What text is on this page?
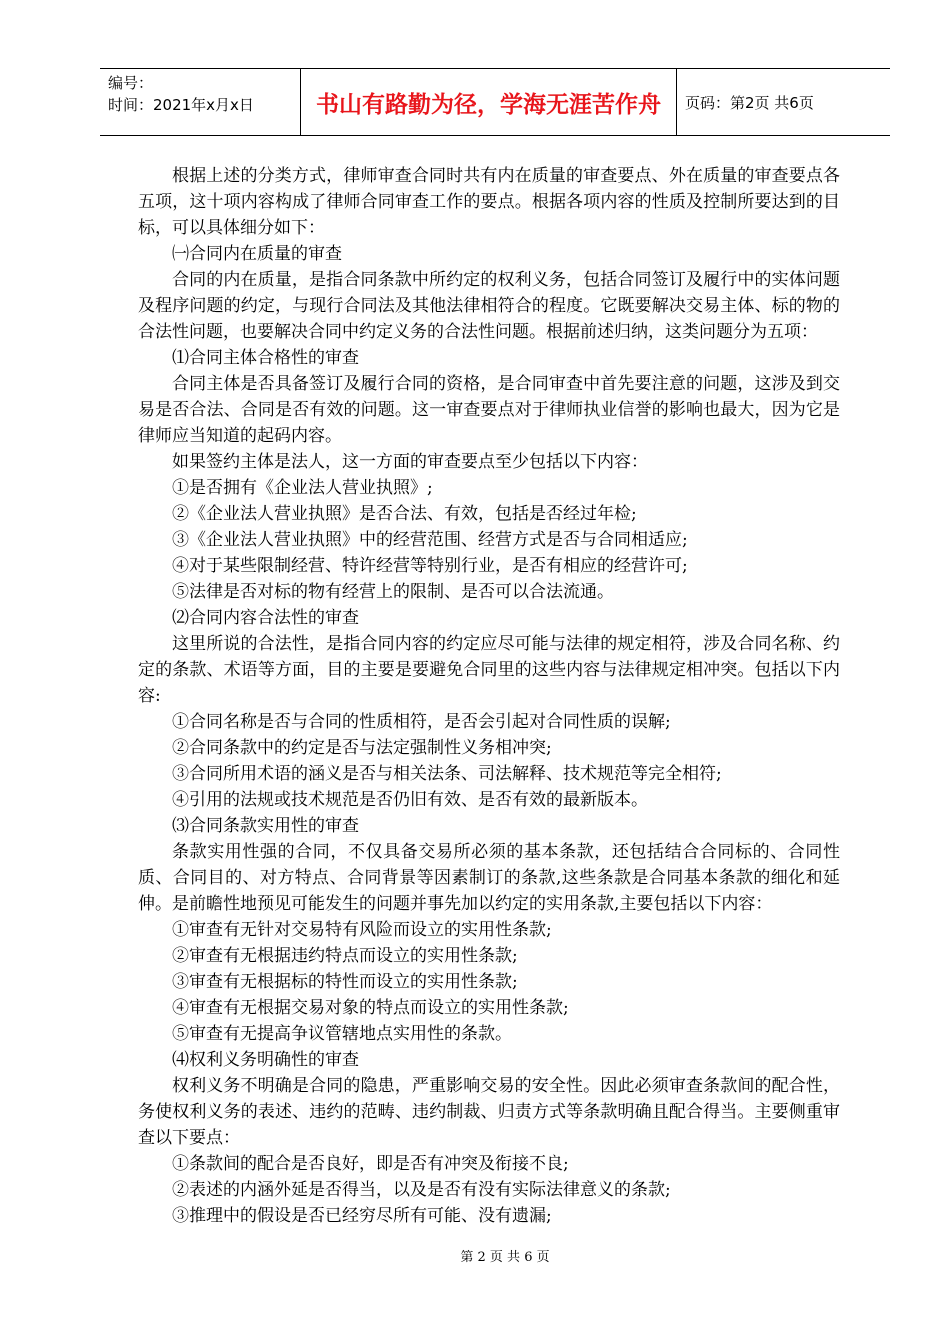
编号：
时间：2021年x月x日	书山有路勤为径，学海无涯苦作舟 页码：第2页 共6页

根据上述的分类方式，律师审查合同时共有内在质量的审查要点、外在质量的审查要点各五项，这十项内容构成了律师合同审查工作的要点。根据各项内容的性质及控制所要达到的目标，可以具体细分如下：

㈠合同内在质量的审查

合同的内在质量，是指合同条款中所约定的权利义务，包括合同签订及履行中的实体问题及程序问题的约定，与现行合同法及其他法律相符合的程度。它既要解决交易主体、标的物的合法性问题，也要解决合同中约定义务的合法性问题。根据前述归纳，这类问题分为五项：

⑴合同主体合格性的审查

合同主体是否具备签订及履行合同的资格，是合同审查中首先要注意的问题，这涉及到交易是否合法、合同是否有效的问题。这一审查要点对于律师执业信誉的影响也最大，因为它是律师应当知道的起码内容。

如果签约主体是法人，这一方面的审查要点至少包括以下内容：

①是否拥有《企业法人营业执照》;

②《企业法人营业执照》是否合法、有效，包括是否经过年检;

③《企业法人营业执照》中的经营范围、经营方式是否与合同相适应;

④对于某些限制经营、特许经营等特别行业，是否有相应的经营许可;

⑤法律是否对标的物有经营上的限制、是否可以合法流通。

⑵合同内容合法性的审查

这里所说的合法性，是指合同内容的约定应尽可能与法律的规定相符，涉及合同名称、约定的条款、术语等方面，目的主要是要避免合同里的这些内容与法律规定相冲突。包括以下内容:

①合同名称是否与合同的性质相符，是否会引起对合同性质的误解;

②合同条款中的约定是否与法定强制性义务相冲突;

③合同所用术语的涵义是否与相关法条、司法解释、技术规范等完全相符;

④引用的法规或技术规范是否仍旧有效、是否有效的最新版本。

⑶合同条款实用性的审查

条款实用性强的合同，不仅具备交易所必须的基本条款，还包括结合合同标的、合同性质、合同目的、对方特点、合同背景等因素制订的条款,这些条款是合同基本条款的细化和延伸。是前瞻性地预见可能发生的问题并事先加以约定的实用条款,主要包括以下内容：

①审查有无针对交易特有风险而设立的实用性条款;

②审查有无根据违约特点而设立的实用性条款;

③审查有无根据标的特性而设立的实用性条款;

④审查有无根据交易对象的特点而设立的实用性条款;

⑤审查有无提高争议管辖地点实用性的条款。

⑷权利义务明确性的审查

权利义务不明确是合同的隐患，严重影响交易的安全性。因此必须审查条款间的配合性，务使权利义务的表述、违约的范畴、违约制裁、归责方式等条款明确且配合得当。主要侧重审查以下要点：

①条款间的配合是否良好，即是否有冲突及衔接不良;

②表述的内涵外延是否得当，以及是否有没有实际法律意义的条款;

③推理中的假设是否已经穷尽所有可能、没有遗漏;

第 2 页 共 6 页
